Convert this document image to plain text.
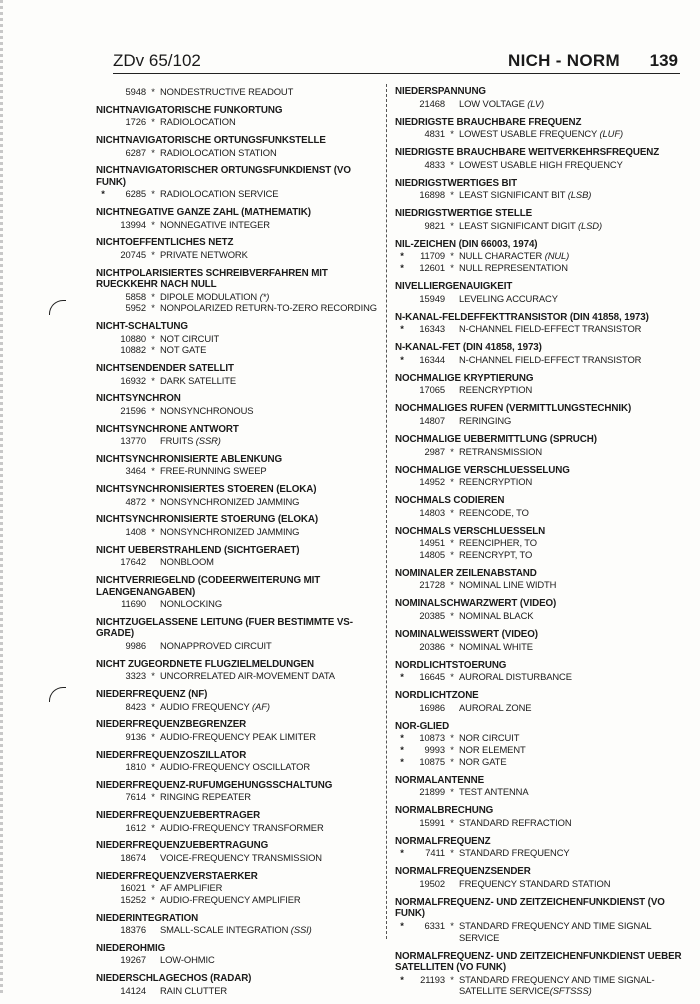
ZDv 65/102	NICH - NORM 139
5948 * NONDESTRUCTIVE READOUT
NICHTNAVIGATORISCHE FUNKORTUNG
1726 * RADIOLOCATION
NICHTNAVIGATORISCHE ORTUNGSFUNKSTELLE
6287 * RADIOLOCATION STATION
NICHTNAVIGATORISCHER ORTUNGSFUNKDIENST (VO FUNK)
*	6285 * RADIOLOCATION SERVICE
NICHTNEGATIVE GANZE ZAHL (MATHEMATIK)
13994 * NONNEGATIVE INTEGER
NICHTOEFFENTLICHES NETZ
20745 * PRIVATE NETWORK
NICHTPOLARISIERTES SCHREIBVERFAHREN MIT RUECKKEHR NACH NULL
5858 * DIPOLE MODULATION (*)
5952 * NONPOLARIZED RETURN-TO-ZERO RECORDING
NICHT-SCHALTUNG
10880 * NOT CIRCUIT
10882 * NOT GATE
NICHTSENDENDER SATELLIT
16932 * DARK SATELLITE
NICHTSYNCHRON
21596 * NONSYNCHRONOUS
NICHTSYNCHRONE ANTWORT
13770 FRUITS (SSR)
NICHTSYNCHRONISIERTE ABLENKUNG
3464 * FREE-RUNNING SWEEP
NICHTSYNCHRONISIERTES STOEREN (ELOKA)
4872 * NONSYNCHRONIZED JAMMING
NICHTSYNCHRONISIERTE STOERUNG (ELOKA)
1408 * NONSYNCHRONIZED JAMMING
NICHT UEBERSTRAHLEND (SICHTGERAET)
17642 NONBLOOM
NICHTVERRIEGELND (CODEERWEITERUNG MIT LAENGENANGABEN)
11690 NONLOCKING
NICHTZUGELASSENE LEITUNG (FUER BESTIMMTE VS-GRADE)
9986 NONAPPROVED CIRCUIT
NICHT ZUGEORDNETE FLUGZIELMELDUNGEN
3323 * UNCORRELATED AIR-MOVEMENT DATA
NIEDERFREQUENZ (NF)
8423 * AUDIO FREQUENCY (AF)
NIEDERFREQUENZBEGRENZER
9136 * AUDIO-FREQUENCY PEAK LIMITER
NIEDERFREQUENZOSZILLATOR
1810 * AUDIO-FREQUENCY OSCILLATOR
NIEDERFREQUENZ-RUFUMGEHUNGSSCHALTUNG
7614 * RINGING REPEATER
NIEDERFREQUENZUEBERTRAGER
1612 * AUDIO-FREQUENCY TRANSFORMER
NIEDERFREQUENZUEBERTRAGUNG
18674 VOICE-FREQUENCY TRANSMISSION
NIEDERFREQUENZVERSTAERKER
16021 * AF AMPLIFIER
15252 * AUDIO-FREQUENCY AMPLIFIER
NIEDERINTEGRATION
18376 SMALL-SCALE INTEGRATION (SSI)
NIEDEROHMIG
19267 LOW-OHMIC
NIEDERSCHLAGECHOS (RADAR)
14124 RAIN CLUTTER
NIEDERSPANNUNG
21468 LOW VOLTAGE (LV)
NIEDRIGSTE BRAUCHBARE FREQUENZ
4831 * LOWEST USABLE FREQUENCY (LUF)
NIEDRIGSTE BRAUCHBARE WEITVERKEHRSFREQUENZ
4833 * LOWEST USABLE HIGH FREQUENCY
NIEDRIGSTWERTIGES BIT
16898 * LEAST SIGNIFICANT BIT (LSB)
NIEDRIGSTWERTIGE STELLE
9821 * LEAST SIGNIFICANT DIGIT (LSD)
NIL-ZEICHEN (DIN 66003, 1974)
*	11709 * NULL CHARACTER (NUL)
*	12601 * NULL REPRESENTATION
NIVELLIERGENAUIGKEIT
15949 LEVELING ACCURACY
N-KANAL-FELDEFFEKTTRANSISTOR (DIN 41858, 1973)
*	16343 N-CHANNEL FIELD-EFFECT TRANSISTOR
N-KANAL-FET (DIN 41858, 1973)
*	16344 N-CHANNEL FIELD-EFFECT TRANSISTOR
NOCHMALIGE KRYPTIERUNG
17065 REENCRYPTION
NOCHMALIGES RUFEN (VERMITTLUNGSTECHNIK)
14807 RERINGING
NOCHMALIGE UEBERMITTLUNG (SPRUCH)
2987 * RETRANSMISSION
NOCHMALIGE VERSCHLUESSELUNG
14952 * REENCRYPTION
NOCHMALS CODIEREN
14803 * REENCODE, TO
NOCHMALS VERSCHLUESSELN
14951 * REENCIPHER, TO
14805 * REENCRYPT, TO
NOMINALER ZEILENABSTAND
21728 * NOMINAL LINE WIDTH
NOMINALSCHWARZWERT (VIDEO)
20385 * NOMINAL BLACK
NOMINALWEISSWERT (VIDEO)
20386 * NOMINAL WHITE
NORDLICHTSTOERUNG
*	16645 * AURORAL DISTURBANCE
NORDLICHTZONE
16986 AURORAL ZONE
NOR-GLIED
*	10873 * NOR CIRCUIT
*	9993 * NOR ELEMENT
*	10875 * NOR GATE
NORMALANTENNE
21899 * TEST ANTENNA
NORMALBRECHUNG
15991 * STANDARD REFRACTION
NORMALFREQUENZ
*	7411 * STANDARD FREQUENCY
NORMALFREQUENZSENDER
19502 FREQUENCY STANDARD STATION
NORMALFREQUENZ- UND ZEITZEICHENFUNKDIENST (VO FUNK)
*	6331 * STANDARD FREQUENCY AND TIME SIGNAL
SERVICE
NORMALFREQUENZ- UND ZEITZEICHENFUNKDIENST UEBER SATELLITEN (VO FUNK)
*	21193 * STANDARD FREQUENCY AND TIME SIGNAL-
SATELLITE SERVICE (SFTSSS)
